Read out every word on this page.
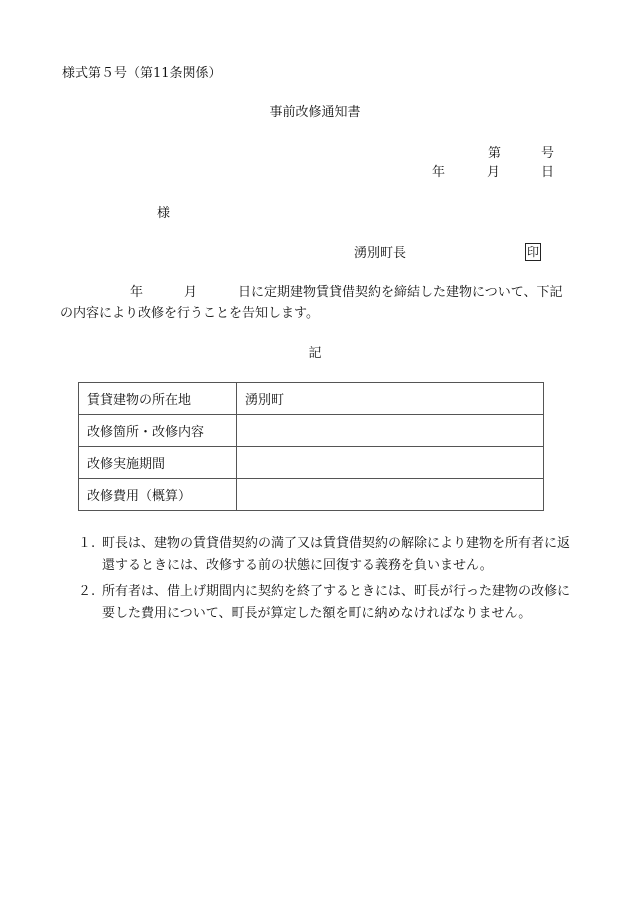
様式第５号（第11条関係）
事前改修通知書
第	号
年	月	日
様
湧別町長	印
年	月	日に定期建物賃貸借契約を締結した建物について、下記
の内容により改修を行うことを告知します。
記
賃貸建物の所在地	湧別町
改修箇所・改修内容	
改修実施期間	
改修費用（概算）	
１. 町長は、建物の賃貸借契約の満了又は賃貸借契約の解除により建物を所有者に返還するときには、改修する前の状態に回復する義務を負いません。
２. 所有者は、借上げ期間内に契約を終了するときには、町長が行った建物の改修に要した費用について、町長が算定した額を町に納めなければなりません。
